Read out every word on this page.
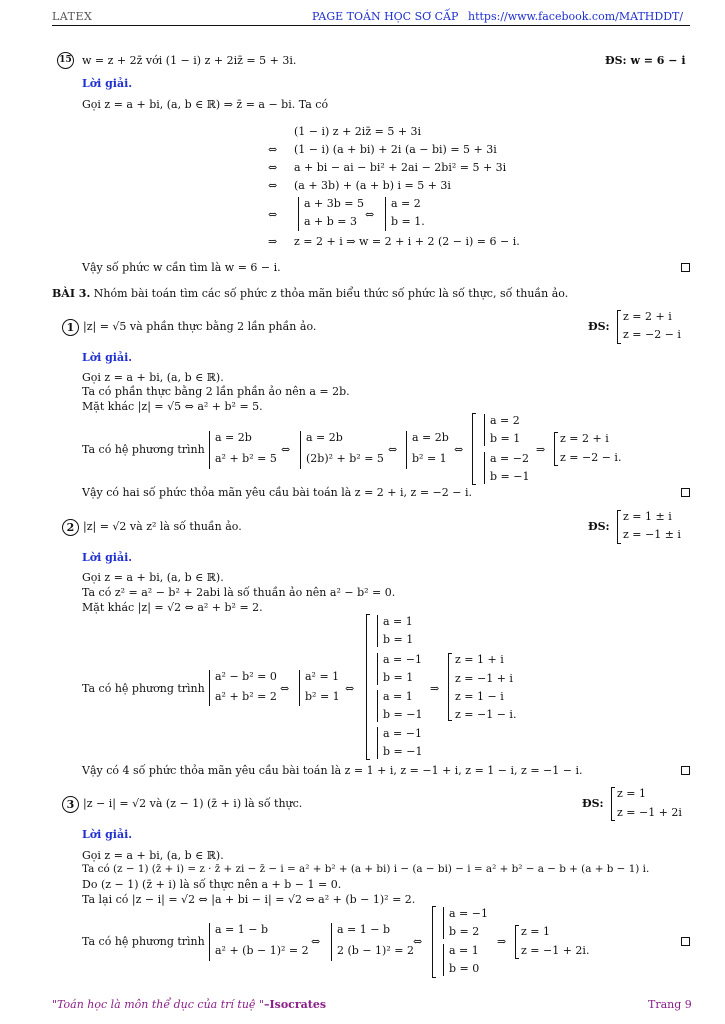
LATEX	PAGE TOÁN HỌC SƠ CẤP https://www.facebook.com/MATHDDT/
15 w = z + 2z̄ với (1 − i) z + 2iz̄ = 5 + 3i.	ĐS: w = 6 − i
Lời giải.
Gọi z = a + bi, (a, b ∈ ℝ) ⇒ z̄ = a − bi. Ta có
(1 − i) z + 2iz̄ = 5 + 3i
⇔ (1 − i) (a + bi) + 2i (a − bi) = 5 + 3i
⇔ a + bi − ai − bi² + 2ai − 2bi² = 5 + 3i
⇔ (a + 3b) + (a + b) i = 5 + 3i
⇔
a + 3b = 5
a + b = 3
⇔
a = 2
b = 1.
⇒ z = 2 + i ⇒ w = 2 + i + 2 (2 − i) = 6 − i.
Vậy số phức w cần tìm là w = 6 − i.
BÀI 3. Nhóm bài toán tìm các số phức z thỏa mãn biểu thức số phức là số thực, số thuần ảo.
1 |z| = √5 và phần thực bằng 2 lần phần ảo.	ĐS:
z = 2 + i
z = −2 − i
Lời giải.
Gọi z = a + bi, (a, b ∈ ℝ).
Ta có phần thực bằng 2 lần phần ảo nên a = 2b.
Mặt khác |z| = √5 ⇔ a² + b² = 5.
Ta có hệ phương trình
a = 2b
a² + b² = 5
⇔
a = 2b
(2b)² + b² = 5
⇔
a = 2b
b² = 1
⇔
a = 2
b = 1
a = −2
b = −1
⇒
z = 2 + i
z = −2 − i.
Vậy có hai số phức thỏa mãn yêu cầu bài toán là z = 2 + i, z = −2 − i.
2 |z| = √2 và z² là số thuần ảo.	ĐS:
z = 1 ± i
z = −1 ± i
Lời giải.
Gọi z = a + bi, (a, b ∈ ℝ).
Ta có z² = a² − b² + 2abi là số thuần ảo nên a² − b² = 0.
Mặt khác |z| = √2 ⇔ a² + b² = 2.
Ta có hệ phương trình
a² − b² = 0
a² + b² = 2
⇔
a² = 1
b² = 1
⇔
a = 1
b = 1
a = −1
b = 1
a = 1
b = −1
a = −1
b = −1
⇒
z = 1 + i
z = −1 + i
z = 1 − i
z = −1 − i.
Vậy có 4 số phức thỏa mãn yêu cầu bài toán là z = 1 + i, z = −1 + i, z = 1 − i, z = −1 − i.
3 |z − i| = √2 và (z − 1) (z̄ + i) là số thực.	ĐS:
z = 1
z = −1 + 2i
Lời giải.
Gọi z = a + bi, (a, b ∈ ℝ).
Ta có (z − 1) (z̄ + i) = z · z̄ + zi − z̄ − i = a² + b² + (a + bi) i − (a − bi) − i = a² + b² − a − b + (a + b − 1) i.
Do (z − 1) (z̄ + i) là số thực nên a + b − 1 = 0.
Ta lại có |z − i| = √2 ⇔ |a + bi − i| = √2 ⇔ a² + (b − 1)² = 2.
Ta có hệ phương trình
a = 1 − b
a² + (b − 1)² = 2
⇔
a = 1 − b
2 (b − 1)² = 2
⇔
a = −1
b = 2
a = 1
b = 0
⇒
z = 1
z = −1 + 2i.
"Toán học là môn thể dục của trí tuệ "–Isocrates	Trang 9
